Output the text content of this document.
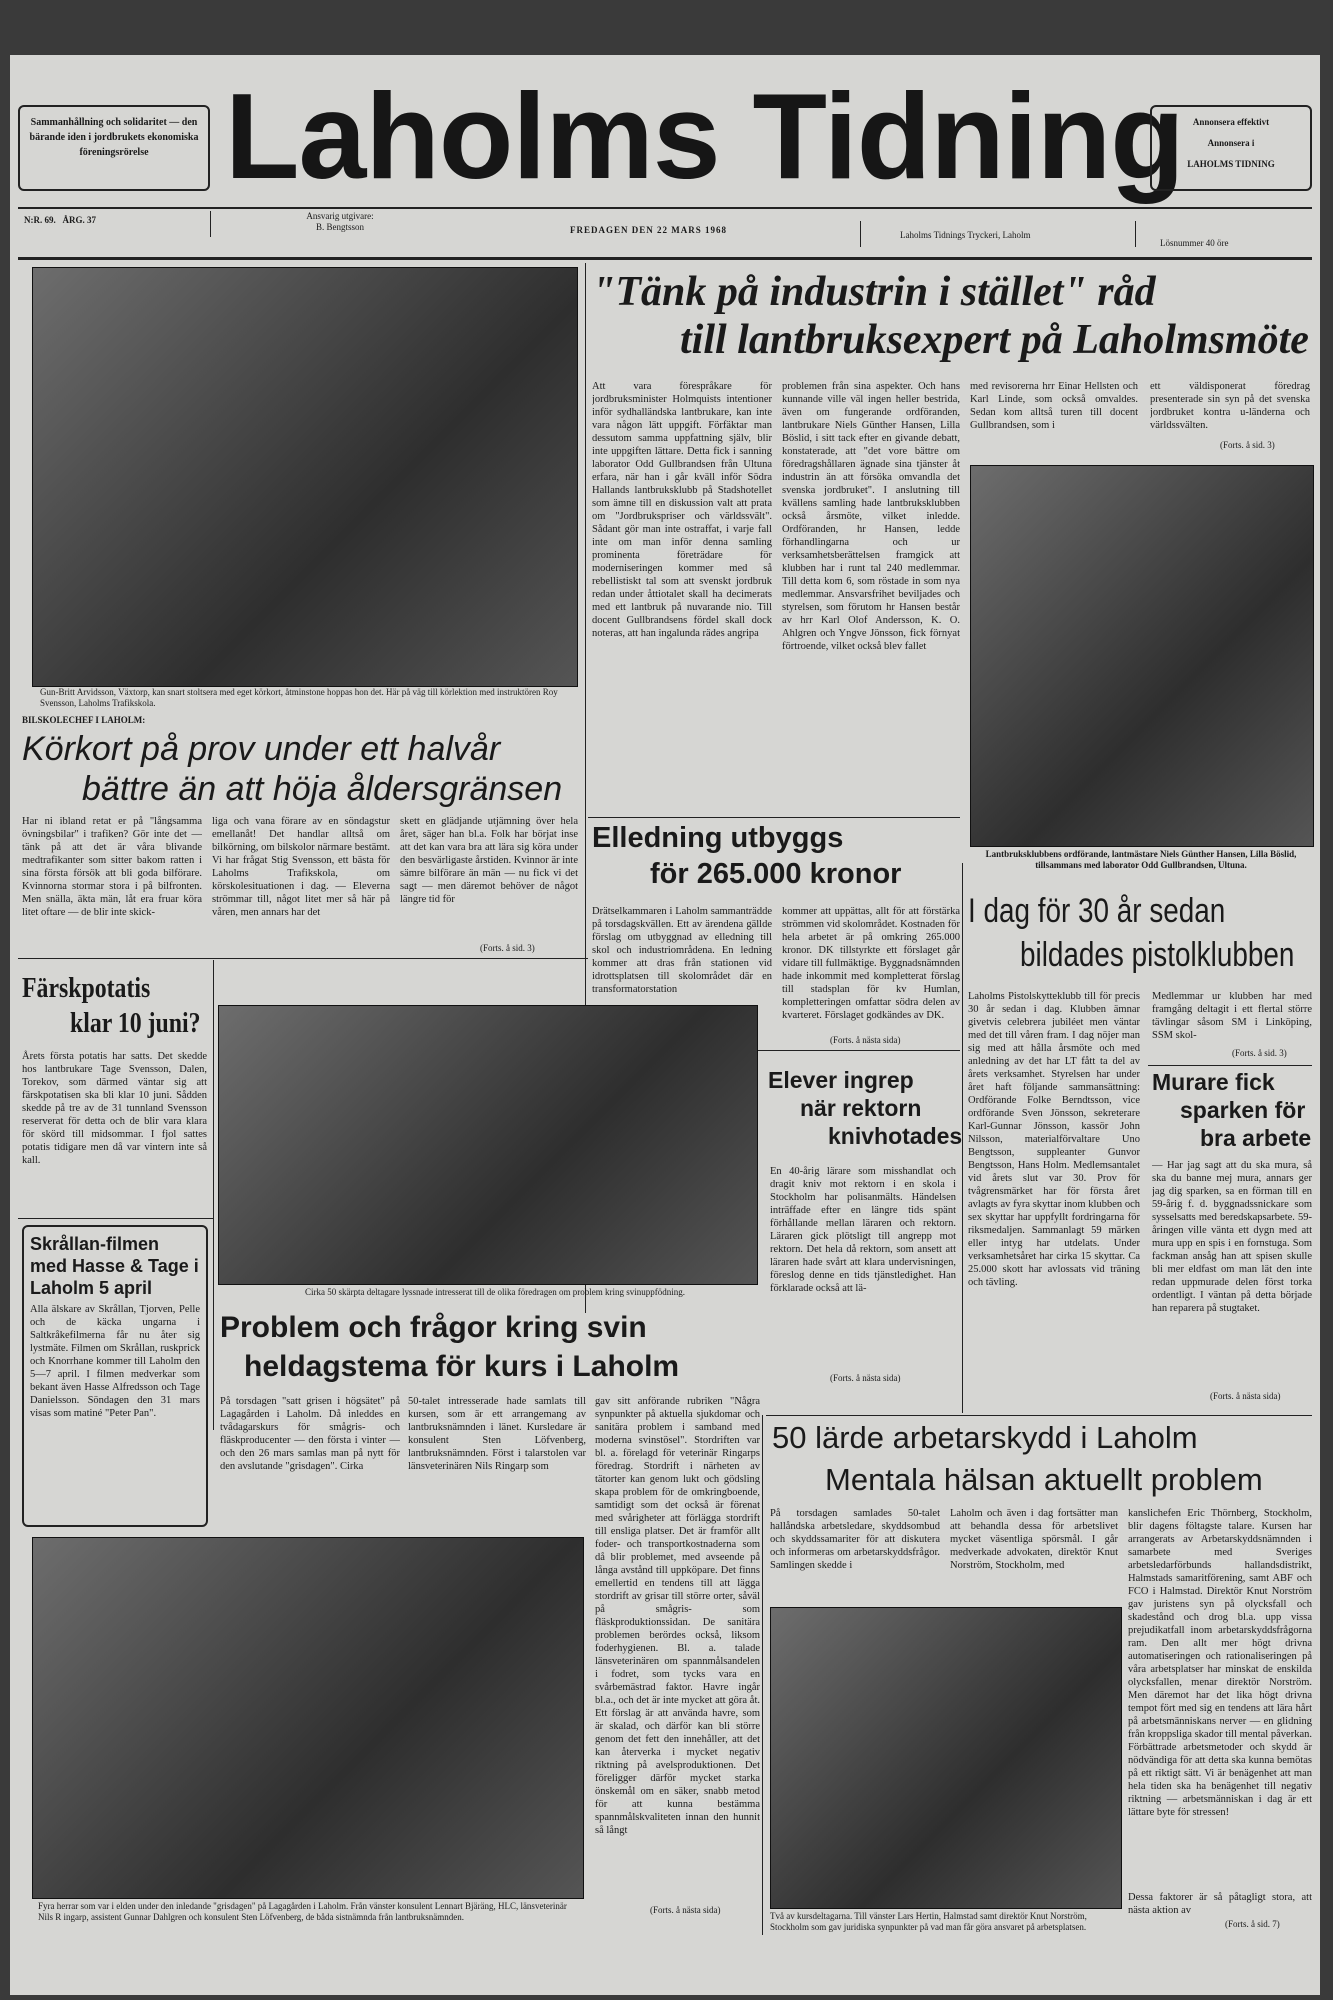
Sammanhållning och solidaritet — den bärande iden i jordbrukets ekonomiska föreningsrörelse Laholms Tidning	Annonsera effektivt
Annonsera i
LAHOLMS TIDNING
N:R. 69.   ÅRG. 37	Ansvarig utgivare:
B. Bengtsson	FREDAGEN DEN 22 MARS 1968	Laholms Tidnings Tryckeri, Laholm
Lösnummer 40 öre
Gun-Britt Arvidsson, Växtorp, kan snart stoltsera med eget körkort, åtminstone hoppas hon det. Här på väg till körlektion med instruktören Roy Svensson, Laholms Trafikskola.
BILSKOLECHEF I LAHOLM:
Körkort på prov under ett halvår
bättre än att höja åldersgränsen
Har ni ibland retat er på "långsamma övningsbilar" i trafiken? Gör inte det — tänk på att det är våra blivande medtrafikanter som sitter bakom ratten i sina första försök att bli goda bilförare. Kvinnorna stormar stora i på bilfronten. Men snälla, äkta män, låt era fruar köra litet oftare — de blir inte skick-
liga och vana förare av en söndagstur emellanåt! Det handlar alltså om bilkörning, om bilskolor närmare bestämt. Vi har frågat Stig Svensson, ett bästa för Laholms Trafikskola, om körskolesituationen i dag. — Eleverna strömmar till, något litet mer så här på våren, men annars har det
skett en glädjande utjämning över hela året, säger han bl.a. Folk har börjat inse att det kan vara bra att lära sig köra under den besvärligaste årstiden. Kvinnor är inte sämre bilförare än män — nu fick vi det sagt — men däremot behöver de något längre tid för
(Forts. å sid. 3)
"Tänk på industrin i stället" råd
till lantbruksexpert på Laholmsmöte
Att vara förespråkare för jordbruksminister Holmquists intentioner inför sydhalländska lantbrukare, kan inte vara någon lätt uppgift. Förfäktar man dessutom samma uppfattning själv, blir inte uppgiften lättare. Detta fick i sanning laborator Odd Gullbrandsen från Ultuna erfara, när han i går kväll inför Södra Hallands lantbruksklubb på Stadshotellet som ämne till en diskussion valt att prata om "Jordbrukspriser och världssvält". Sådant gör man inte ostraffat, i varje fall inte om man inför denna samling prominenta företrädare för moderniseringen kommer med så rebellistiskt tal som att svenskt jordbruk redan under åttiotalet skall ha decimerats med ett lantbruk på nuvarande nio. Till docent Gullbrandsens fördel skall dock noteras, att han ingalunda rädes angripa
problemen från sina aspekter. Och hans kunnande ville väl ingen heller bestrida, även om fungerande ordföranden, lantbrukare Niels Günther Hansen, Lilla Böslid, i sitt tack efter en givande debatt, konstaterade, att "det vore bättre om föredragshållaren ägnade sina tjänster åt industrin än att försöka omvandla det svenska jordbruket". I anslutning till kvällens samling hade lantbruksklubben också årsmöte, vilket inledde. Ordföranden, hr Hansen, ledde förhandlingarna och ur verksamhetsberättelsen framgick att klubben har i runt tal 240 medlemmar. Till detta kom 6, som röstade in som nya medlemmar. Ansvarsfrihet beviljades och styrelsen, som förutom hr Hansen består av hrr Karl Olof Andersson, K. O. Ahlgren och Yngve Jönsson, fick förnyat förtroende, vilket också blev fallet
med revisorerna hrr Einar Hellsten och Karl Linde, som också omvaldes. Sedan kom alltså turen till docent Gullbrandsen, som i
ett väldisponerat föredrag presenterade sin syn på det svenska jordbruket kontra u-länderna och världssvälten.
(Forts. å sid. 3)
Lantbruksklubbens ordförande, lantmästare Niels Günther Hansen, Lilla Böslid, tillsammans med laborator Odd Gullbrandsen, Ultuna.
Elledning utbyggs
för 265.000 kronor
Drätselkammaren i Laholm sammanträdde på torsdagskvällen. Ett av ärendena gällde förslag om utbyggnad av elledning till skol och industriområdena. En ledning kommer att dras från stationen vid idrottsplatsen till skolområdet där en transformatorstation
kommer att uppättas, allt för att förstärka strömmen vid skolområdet. Kostnaden för hela arbetet är på omkring 265.000 kronor. DK tillstyrkte ett förslaget går vidare till fullmäktige. Byggnadsnämnden hade inkommit med kompletterat förslag till stadsplan för kv Humlan, kompletteringen omfattar södra delen av kvarteret. Förslaget godkändes av DK.
(Forts. å nästa sida)
I dag för 30 år sedan
bildades pistolklubben
Laholms Pistolskytteklubb till för precis 30 år sedan i dag. Klubben ämnar givetvis celebrera jubiléet men väntar med det till våren fram. I dag nöjer man sig med att hålla årsmöte och med anledning av det har LT fått ta del av årets verksamhet. Styrelsen har under året haft följande sammansättning: Ordförande Folke Berndtsson, vice ordförande Sven Jönsson, sekreterare Karl-Gunnar Jönsson, kassör John Nilsson, materialförvaltare Uno Bengtsson, suppleanter Gunvor Bengtsson, Hans Holm. Medlemsantalet vid årets slut var 30. Prov för tvågrensmärket har för första året avlagts av fyra skyttar inom klubben och sex skyttar har uppfyllt fordringarna för riksmedaljen. Sammanlagt 59 märken eller intyg har utdelats. Under verksamhetsåret har cirka 15 skyttar. Ca 25.000 skott har avlossats vid träning och tävling.
Medlemmar ur klubben har med framgång deltagit i ett flertal större tävlingar såsom SM i Linköping, SSM skol-
(Forts. å sid. 3)
Murare fick
sparken för
bra arbete
— Har jag sagt att du ska mura, så ska du banne mej mura, annars ger jag dig sparken, sa en förman till en 59-årig f. d. byggnadssnickare som sysselsatts med beredskapsarbete. 59-åringen ville vänta ett dygn med att mura upp en spis i en fornstuga. Som fackman ansåg han att spisen skulle bli mer eldfast om man lät den inte redan uppmurade delen först torka ordentligt. I väntan på detta började han reparera på stugtaket.
(Forts. å nästa sida)
Elever ingrep
när rektorn
knivhotades
En 40-årig lärare som misshandlat och dragit kniv mot rektorn i en skola i Stockholm har polisanmälts. Händelsen inträffade efter en längre tids spänt förhållande mellan läraren och rektorn. Läraren gick plötsligt till angrepp mot rektorn. Det hela då rektorn, som ansett att läraren hade svårt att klara undervisningen, föreslog denne en tids tjänstledighet. Han förklarade också att lä-
(Forts. å nästa sida)
Färskpotatis
klar 10 juni?
Årets första potatis har satts. Det skedde hos lantbrukare Tage Svensson, Dalen, Torekov, som därmed väntar sig att färskpotatisen ska bli klar 10 juni. Sådden skedde på tre av de 31 tunnland Svensson reserverat för detta och de blir vara klara för skörd till midsommar. I fjol sattes potatis tidigare men då var vintern inte så kall.
Cirka 50 skärpta deltagare lyssnade intresserat till de olika föredragen om problem kring svinuppfödning.
Skrållan-filmen med Hasse & Tage i Laholm 5 april
Alla älskare av Skrållan, Tjorven, Pelle och de käcka ungarna i Saltkråkefilmerna får nu åter sig lystmäte. Filmen om Skrållan, ruskprick och Knorrhane kommer till Laholm den 5—7 april. I filmen medverkar som bekant även Hasse Alfredsson och Tage Danielsson. Söndagen den 31 mars visas som matiné "Peter Pan".
Problem och frågor kring svin
heldagstema för kurs i Laholm
På torsdagen "satt grisen i högsätet" på Lagagården i Laholm. Då inleddes en tvådagarskurs för smågris- och fläskproducenter — den första i vinter — och den 26 mars samlas man på nytt för den avslutande "grisdagen". Cirka
50-talet intresserade hade samlats till kursen, som är ett arrangemang av lantbruksnämnden i länet. Kursledare är konsulent Sten Löfvenberg, lantbruksnämnden. Först i talarstolen var länsveterinären Nils Ringarp som
gav sitt anförande rubriken "Några synpunkter på aktuella sjukdomar och sanitära problem i samband med moderna svinstösel". Stordriften var bl. a. förelagd för veterinär Ringarps föredrag. Stordrift i närheten av tätorter kan genom lukt och gödsling skapa problem för de omkringboende, samtidigt som det också är förenat med svårigheter att förlägga stordrift till ensliga platser. Det är framför allt foder- och transportkostnaderna som då blir problemet, med avseende på långa avstånd till uppköpare. Det finns emellertid en tendens till att lägga stordrift av grisar till större orter, såväl på smågris- som fläskproduktionssidan. De sanitära problemen berördes också, liksom foderhygienen. Bl. a. talade länsveterinären om spannmålsandelen i fodret, som tycks vara en svårbemästrad faktor. Havre ingår bl.a., och det är inte mycket att göra åt. Ett förslag är att använda havre, som är skalad, och därför kan bli större genom det fett den innehåller, att det kan återverka i mycket negativ riktning på avelsproduktionen. Det föreligger därför mycket starka önskemål om en säker, snabb metod för att kunna bestämma spannmålskvaliteten innan den hunnit så långt
(Forts. å nästa sida)
Fyra herrar som var i elden under den inledande "grisdagen" på Lagagården i Laholm. Från vänster konsulent Lennart Bjäräng, HLC, länsveterinär Nils R ingarp, assistent Gunnar Dahlgren och konsulent Sten Löfvenberg, de båda sistnämnda från lantbruksnämnden.
50 lärde arbetarskydd i Laholm
Mentala hälsan aktuellt problem
På torsdagen samlades 50-talet hallåndska arbetsledare, skyddsombud och skyddssamariter för att diskutera och informeras om arbetarskyddsfrågor. Samlingen skedde i
Laholm och även i dag fortsätter man att behandla dessa för arbetslivet mycket väsentliga spörsmål. I går medverkade advokaten, direktör Knut Norström, Stockholm, med
kanslichefen Eric Thörnberg, Stockholm, blir dagens föltagste talare. Kursen har arrangerats av Arbetarskyddsnämnden i samarbete med Sveriges arbetsledarförbunds hallandsdistrikt, Halmstads samaritförening, samt ABF och FCO i Halmstad. Direktör Knut Norström gav juristens syn på olycksfall och skadestånd och drog bl.a. upp vissa prejudikatfall inom arbetarskyddsfrågorna ram. Den allt mer högt drivna automatiseringen och rationaliseringen på våra arbetsplatser har minskat de enskilda olycksfallen, menar direktör Norström. Men däremot har det lika högt drivna tempot fört med sig en tendens att lära hårt på arbetsmänniskans nerver — en glidning från kroppsliga skador till mental påverkan. Förbättrade arbetsmetoder och skydd är nödvändiga för att detta ska kunna bemötas på ett riktigt sätt. Vi är benägenhet att man hela tiden ska ha benägenhet till negativ riktning — arbetsmänniskan i dag är ett lättare byte för stressen!
Dessa faktorer är så påtagligt stora, att nästa aktion av
(Forts. å sid. 7)
Två av kursdeltagarna. Till vänster Lars Hertin, Halmstad samt direktör Knut Norström, Stockholm som gav juridiska synpunkter på vad man får göra ansvaret på arbetsplatsen.
